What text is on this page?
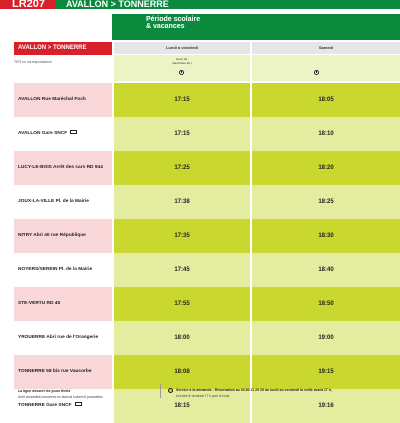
LR207	AVALLON > TONNERRE
Période scolaire
& vacances
AVALLON > TONNERRE	Lundi à vendredi	Samedi
TER en correspondance
Jours fér.
(sauf fêtes fér.)
AVALLON Rue Maréchal Foch	17:15	18:05
AVALLON Gare SNCF	17:15	18:10
LUCY-LE-BOIS Arrêt des cars RD 944	17:25	18:20
JOUX-LA-VILLE Pl. de la Mairie	17:38	18:25
NITRY Abri 40 rue République	17:35	18:30
NOYERS/SEREIN Pl. de la Mairie	17:45	18:40
STE-VERTU RD 45	17:55	18:50
YROUERRE Abri rue de l'Orangerie	18:00	19:00
TONNERRE 58 bis rue Vaucorbe	18:08	19:15
TONNERRE Gare SNCF	18:15	19:16
La ligne dessert les jours fériés
Arrêt accessible personnes en fauteuil roulant et poussettes
Service à la demande - Réservation au 03 80 11 29 29 du lundi au vendredi la veille avant 17 h,
et avant le vendredi 17 h pour le lundi.
